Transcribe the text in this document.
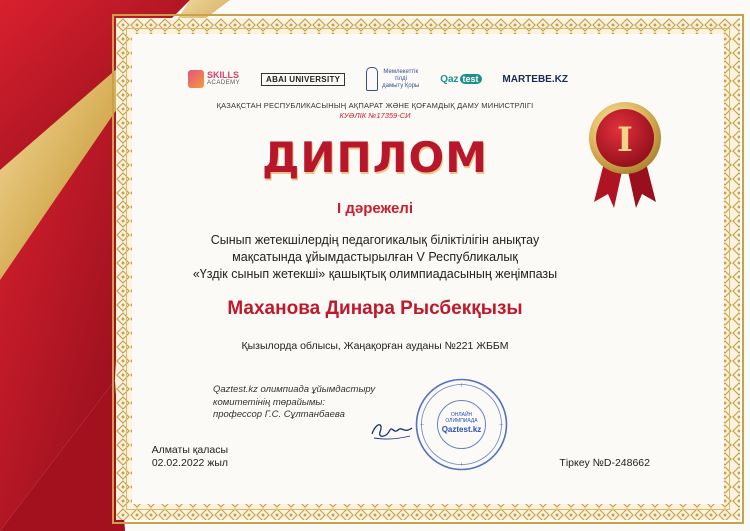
SKILLS
ACADEMY	ABAI UNIVERSITY
Мемлекеттік
тілді
дамыту Қоры
Qaz test	MARTEBE.KZ
ҚАЗАҚСТАН РЕСПУБЛИКАСЫНЫҢ АҚПАРАТ ЖӘНЕ ҚОҒАМДЫҚ ДАМУ МИНИСТРЛІГІ
КУӘЛІК №17359-СИ
ДИПЛОМ
І дәрежелі
Сынып жетекшілердің педагогикалық біліктілігін анықтау
мақсатында ұйымдастырылған V Республикалық
«Үздік сынып жетекші» қашықтық олимпиадасының жеңімпазы
Маханова Динара Рысбекқызы
Қызылорда облысы, Жаңақорған ауданы №221 ЖББМ
Qaztest.kz олимпиада ұйымдастыру
комитетінің төрайымы:
профессор Г.С. Сұлтанбаева	ОНЛАЙН
ОЛИМПИАДА
Qaztest.kz
I
Алматы қаласы
02.02.2022 жыл	Тіркеу №D-248662
